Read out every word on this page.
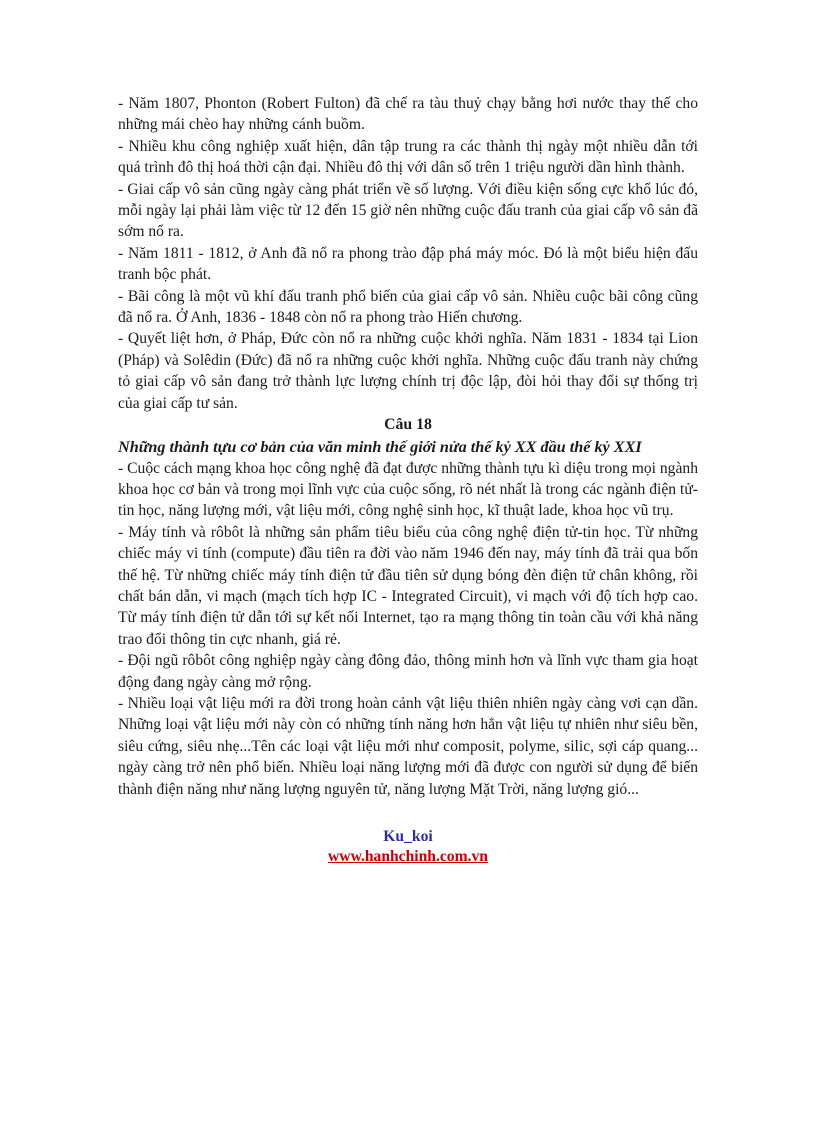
- Năm 1807, Phonton (Robert Fulton) đã chế ra tàu thuỷ chạy bằng hơi nước thay thế cho những mái chèo hay những cánh buồm.

- Nhiều khu công nghiệp xuất hiện, dân tập trung ra các thành thị ngày một nhiều dẫn tới quá trình đô thị hoá thời cận đại. Nhiều đô thị với dân số trên 1 triệu người dần hình thành.

- Giai cấp vô sản cũng ngày càng phát triển về số lượng. Với điều kiện sống cực khổ lúc đó, mỗi ngày lại phải làm việc từ 12 đến 15 giờ nên những cuộc đấu tranh của giai cấp vô sản đã sớm nổ ra.

- Năm 1811 - 1812, ở Anh đã nổ ra phong trào đập phá máy móc. Đó là một biểu hiện đấu tranh bộc phát.

- Bãi công là một vũ khí đấu tranh phổ biến của giai cấp vô sản. Nhiều cuộc bãi công cũng đã nổ ra. Ở Anh, 1836 - 1848 còn nổ ra phong trào Hiến chương.

- Quyết liệt hơn, ở Pháp, Đức còn nổ ra những cuộc khởi nghĩa. Năm 1831 - 1834 tại Lion (Pháp) và Solêdin (Đức) đã nổ ra những cuộc khởi nghĩa. Những cuộc đấu tranh này chứng tỏ giai cấp vô sản đang trở thành lực lượng chính trị độc lập, đòi hỏi thay đổi sự thống trị của giai cấp tư sản.

Câu 18
Những thành tựu cơ bản của văn minh thế giới nửa thế kỷ XX đầu thế kỷ XXI

- Cuộc cách mạng khoa học công nghệ đã đạt được những thành tựu kì diệu trong mọi ngành khoa học cơ bản và trong mọi lĩnh vực của cuộc sống, rõ nét nhất là trong các ngành điện tử-tin học, năng lượng mới, vật liệu mới, công nghệ sinh học, kĩ thuật lade, khoa học vũ trụ.

- Máy tính và rôbôt là những sản phẩm tiêu biểu của công nghệ điện tử-tin học. Từ những chiếc máy vi tính (compute) đầu tiên ra đời vào năm 1946 đến nay, máy tính đã trải qua bốn thế hệ. Từ những chiếc máy tính điện tử đầu tiên sử dụng bóng đèn điện tử chân không, rồi chất bán dẫn, vi mạch (mạch tích hợp IC - Integrated Circuit), vi mạch với độ tích hợp cao. Từ máy tính điện tử dẫn tới sự kết nối Internet, tạo ra mạng thông tin toàn cầu với khả năng trao đổi thông tin cực nhanh, giá rẻ.

- Đội ngũ rôbôt công nghiệp ngày càng đông đảo, thông minh hơn và lĩnh vực tham gia hoạt động đang ngày càng mở rộng.

- Nhiều loại vật liệu mới ra đời trong hoàn cảnh vật liệu thiên nhiên ngày càng vơi cạn dần. Những loại vật liệu mới này còn có những tính năng hơn hẳn vật liệu tự nhiên như siêu bền, siêu cứng, siêu nhẹ...Tên các loại vật liệu mới như composit, polyme, silic, sợi cáp quang... ngày càng trở nên phổ biến. Nhiều loại năng lượng mới đã được con người sử dụng để biến thành điện năng như năng lượng nguyên tử, năng lượng Mặt Trời, năng lượng gió...

Ku_koi
www.hanhchinh.com.vn
